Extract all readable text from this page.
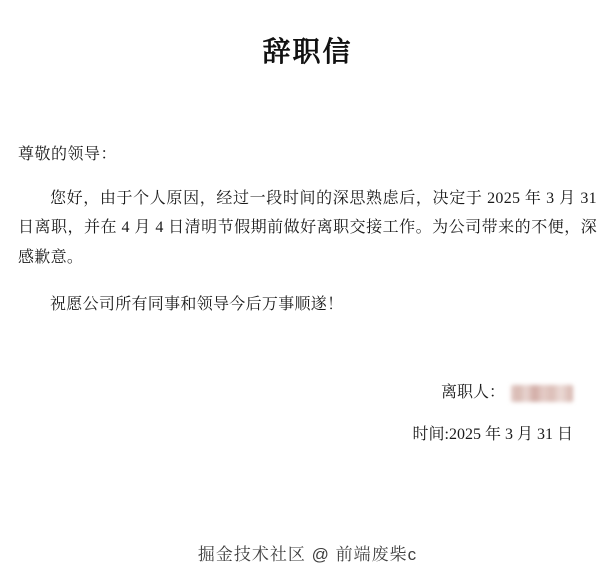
辞职信
尊敬的领导：
您好，由于个人原因，经过一段时间的深思熟虑后，决定于 2025 年 3 月 31 日离职，并在 4 月 4 日清明节假期前做好离职交接工作。为公司带来的不便，深感歉意。
祝愿公司所有同事和领导今后万事顺遂！
离职人：
时间:2025 年 3 月 31 日
掘金技术社区 @ 前端废柴c
